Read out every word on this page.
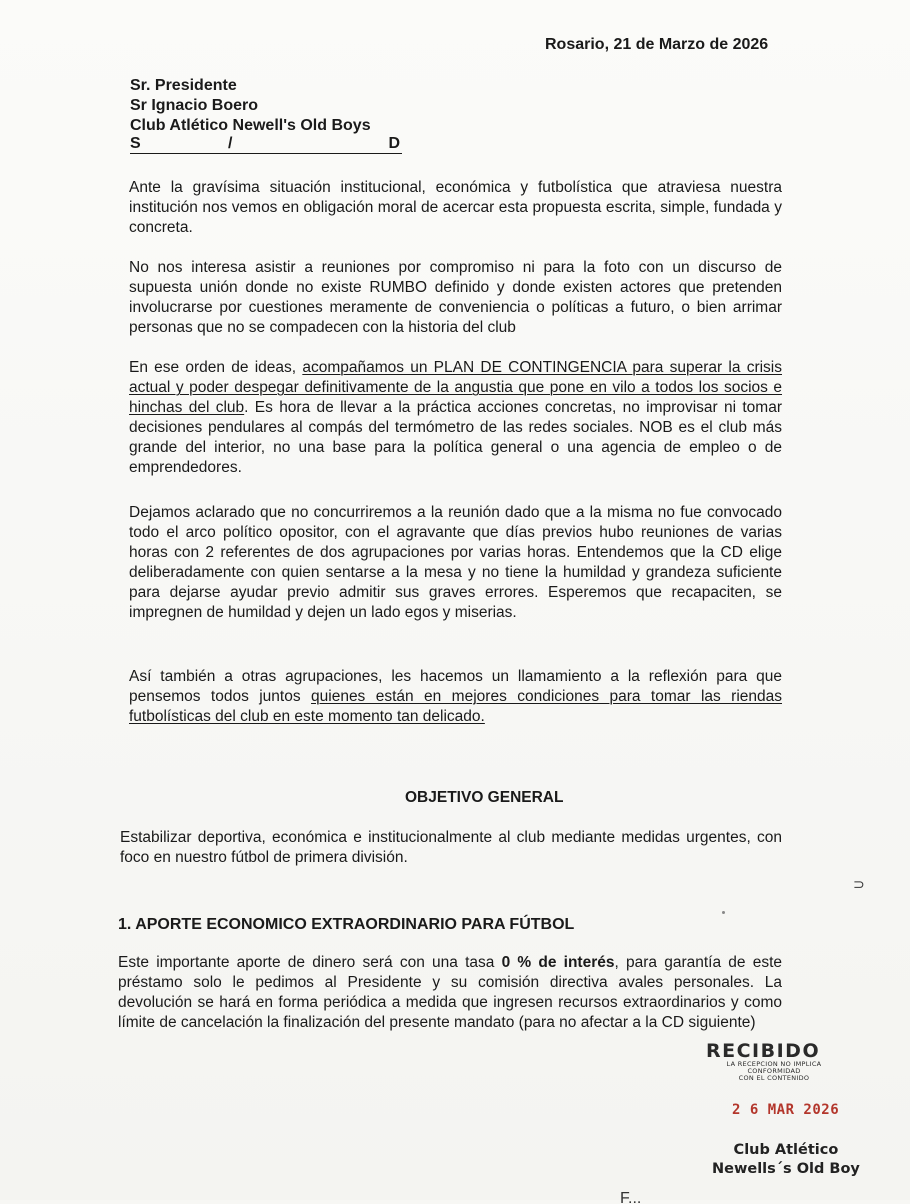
Rosario, 21 de Marzo de 2026
Sr. Presidente
Sr Ignacio Boero
Club Atlético Newell's Old Boys
S	/	D
Ante la gravísima situación institucional, económica y futbolística que atraviesa nuestra institución nos vemos en obligación moral de acercar esta propuesta escrita, simple, fundada y concreta.
No nos interesa asistir a reuniones por compromiso ni para la foto con un discurso de supuesta unión donde no existe RUMBO definido y donde existen actores que pretenden involucrarse por cuestiones meramente de conveniencia o políticas a futuro, o bien arrimar personas que no se compadecen con la historia del club
En ese orden de ideas, acompañamos un PLAN DE CONTINGENCIA para superar la crisis actual y poder despegar definitivamente de la angustia que pone en vilo a todos los socios e hinchas del club. Es hora de llevar a la práctica acciones concretas, no improvisar ni tomar decisiones pendulares al compás del termómetro de las redes sociales. NOB es el club más grande del interior, no una base para la política general o una agencia de empleo o de emprendedores.
Dejamos aclarado que no concurriremos a la reunión dado que a la misma no fue convocado todo el arco político opositor, con el agravante que días previos hubo reuniones de varias horas con 2 referentes de dos agrupaciones por varias horas. Entendemos que la CD elige deliberadamente con quien sentarse a la mesa y no tiene la humildad y grandeza suficiente para dejarse ayudar previo admitir sus graves errores. Esperemos que recapaciten, se impregnen de humildad y dejen un lado egos y miserias.
Así también a otras agrupaciones, les hacemos un llamamiento a la reflexión para que pensemos todos juntos quienes están en mejores condiciones para tomar las riendas futbolísticas del club en este momento tan delicado.
OBJETIVO GENERAL
Estabilizar deportiva, económica e institucionalmente al club mediante medidas urgentes, con foco en nuestro fútbol de primera división.
⊃
1. APORTE ECONOMICO EXTRAORDINARIO PARA FÚTBOL
Este importante aporte de dinero será con una tasa 0 % de interés, para garantía de este préstamo solo le pedimos al Presidente y su comisión directiva avales personales. La devolución se hará en forma periódica a medida que ingresen recursos extraordinarios y como límite de cancelación la finalización del presente mandato (para no afectar a la CD siguiente)
RECIBIDO
LA RECEPCION NO IMPLICA
CONFORMIDAD
CON EL CONTENIDO
2 6 MAR 2026
Club Atlético
Newells´s Old Boy
F...
